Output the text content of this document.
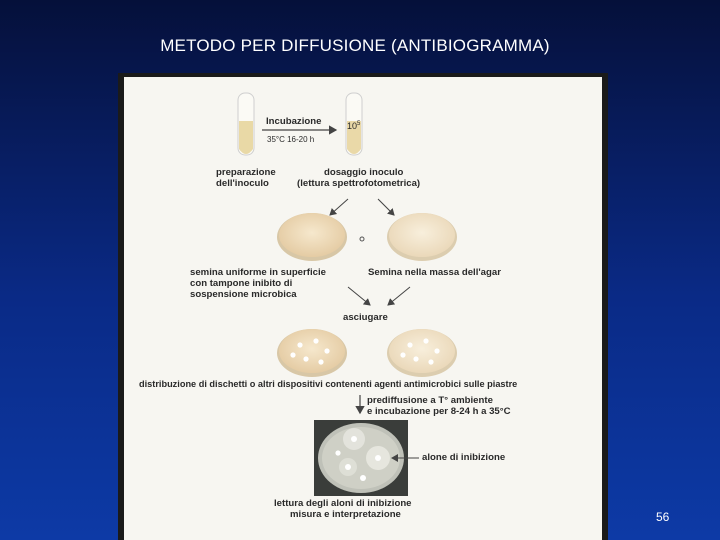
METODO PER DIFFUSIONE (ANTIBIOGRAMMA)
Incubazione
35°C 16-20 h
$10^5$
preparazione
dell'inoculo
dosaggio inoculo
(lettura spettrofotometrica)
semina uniforme in superficie
con tampone inibito di
sospensione microbica
Semina nella massa dell'agar
asciugare
distribuzione di dischetti o altri dispositivi contenenti agenti antimicrobici sulle piastre
prediffusione a T° ambiente
e incubazione per 8-24 h a 35°C
alone di inibizione
lettura degli aloni di inibizione
misura e interpretazione	56
